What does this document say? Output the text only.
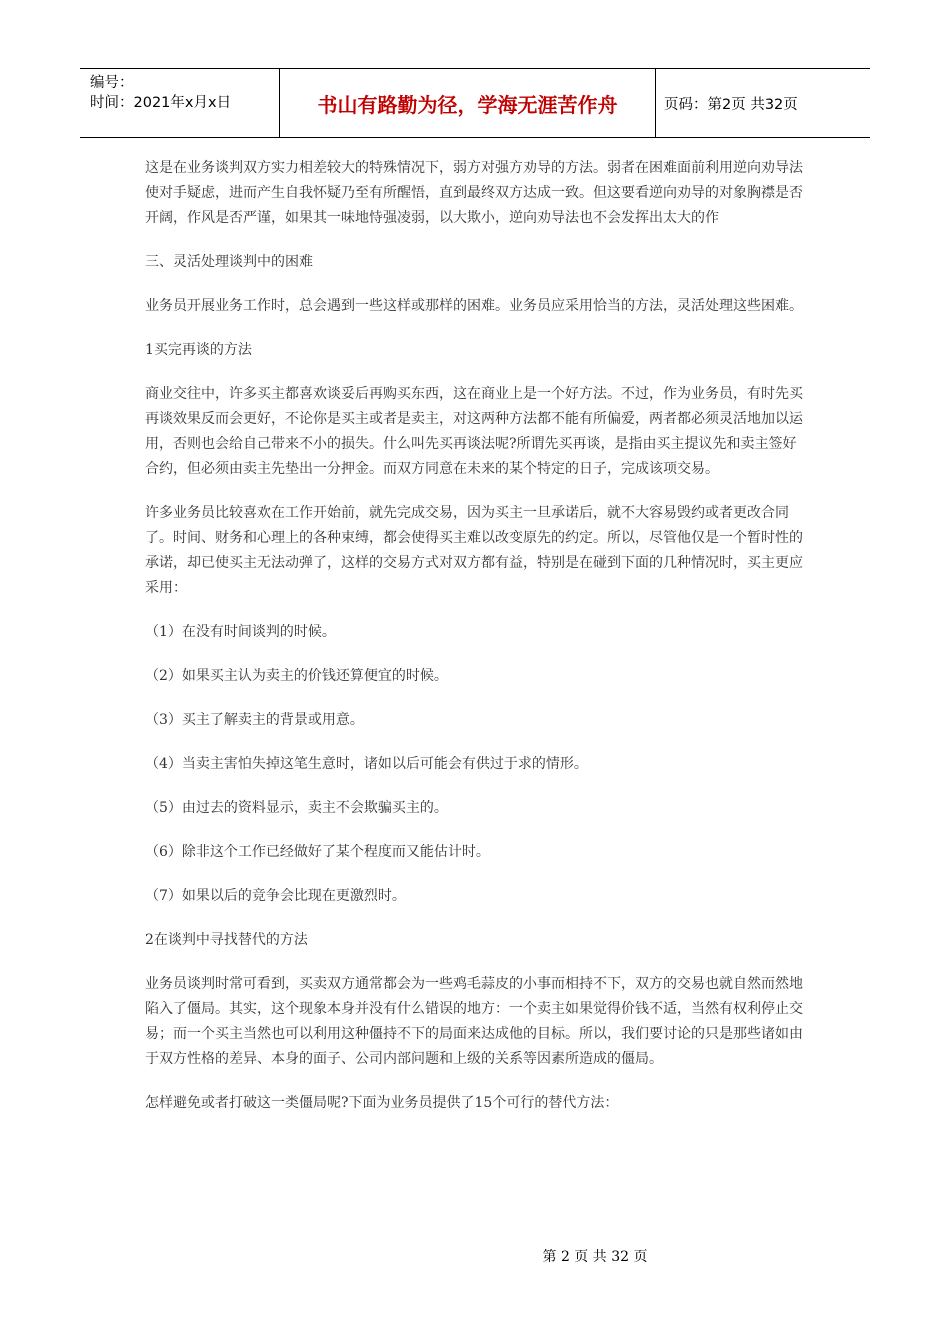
编号：
时间：2021年x月x日	书山有路勤为径，学海无涯苦作舟	页码：第2页 共32页

这是在业务谈判双方实力相差较大的特殊情况下，弱方对强方劝导的方法。弱者在困难面前利用逆向劝导法使对手疑虑，进而产生自我怀疑乃至有所醒悟，直到最终双方达成一致。但这要看逆向劝导的对象胸襟是否开阔，作风是否严谨，如果其一味地恃强凌弱，以大欺小，逆向劝导法也不会发挥出太大的作

三、灵活处理谈判中的困难

业务员开展业务工作时，总会遇到一些这样或那样的困难。业务员应采用恰当的方法，灵活处理这些困难。

1买完再谈的方法

商业交往中，许多买主都喜欢谈妥后再购买东西，这在商业上是一个好方法。不过，作为业务员，有时先买再谈效果反而会更好，不论你是买主或者是卖主，对这两种方法都不能有所偏爱，两者都必须灵活地加以运用，否则也会给自己带来不小的损失。什么叫先买再谈法呢?所谓先买再谈，是指由买主提议先和卖主签好合约，但必须由卖主先垫出一分押金。而双方同意在未来的某个特定的日子，完成该项交易。

许多业务员比较喜欢在工作开始前，就先完成交易，因为买主一旦承诺后，就不大容易毁约或者更改合同了。时间、财务和心理上的各种束缚，都会使得买主难以改变原先的约定。所以，尽管他仅是一个暂时性的承诺，却已使买主无法动弹了，这样的交易方式对双方都有益，特别是在碰到下面的几种情况时，买主更应采用：

（1）在没有时间谈判的时候。

（2）如果买主认为卖主的价钱还算便宜的时候。

（3）买主了解卖主的背景或用意。

（4）当卖主害怕失掉这笔生意时，诸如以后可能会有供过于求的情形。

（5）由过去的资料显示，卖主不会欺骗买主的。

（6）除非这个工作已经做好了某个程度而又能估计时。

（7）如果以后的竞争会比现在更激烈时。

2在谈判中寻找替代的方法

业务员谈判时常可看到，买卖双方通常都会为一些鸡毛蒜皮的小事而相持不下，双方的交易也就自然而然地陷入了僵局。其实，这个现象本身并没有什么错误的地方：一个卖主如果觉得价钱不适，当然有权利停止交易；而一个买主当然也可以利用这种僵持不下的局面来达成他的目标。所以，我们要讨论的只是那些诸如由于双方性格的差异、本身的面子、公司内部问题和上级的关系等因素所造成的僵局。

怎样避免或者打破这一类僵局呢?下面为业务员提供了15个可行的替代方法：

第 2 页 共 32 页
